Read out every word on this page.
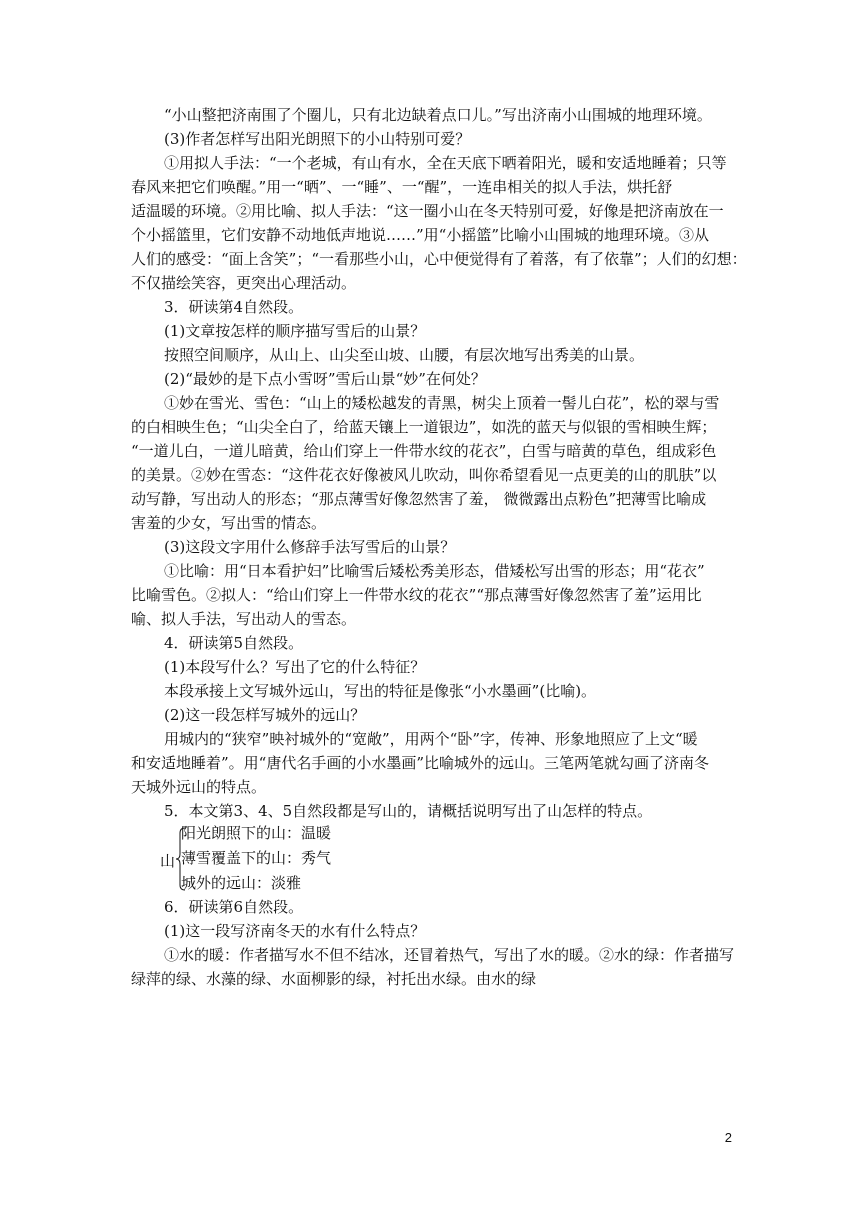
“小山整把济南围了个圈儿，只有北边缺着点口儿。”写出济南小山围城的地理环境。
(3)作者怎样写出阳光朗照下的小山特别可爱？
①用拟人手法：“一个老城，有山有水，全在天底下晒着阳光，暖和安适地睡着；只等
春风来把它们唤醒。”用一“晒”、一“睡”、一“醒”，一连串相关的拟人手法，烘托舒
适温暖的环境。②用比喻、拟人手法：“这一圈小山在冬天特别可爱，好像是把济南放在一
个小摇篮里，它们安静不动地低声地说……”用“小摇篮”比喻小山围城的地理环境。③从
人们的感受：“面上含笑”；“一看那些小山，心中便觉得有了着落，有了依靠”；人们的幻想：
不仅描绘笑容，更突出心理活动。
3．研读第4自然段。
(1)文章按怎样的顺序描写雪后的山景？
按照空间顺序，从山上、山尖至山坡、山腰，有层次地写出秀美的山景。
(2)“最妙的是下点小雪呀”雪后山景“妙”在何处？
①妙在雪光、雪色：“山上的矮松越发的青黑，树尖上顶着一髻儿白花”，松的翠与雪
的白相映生色；“山尖全白了，给蓝天镶上一道银边”，如洗的蓝天与似银的雪相映生辉；
“一道儿白，一道儿暗黄，给山们穿上一件带水纹的花衣”，白雪与暗黄的草色，组成彩色
的美景。②妙在雪态：“这件花衣好像被风儿吹动，叫你希望看见一点更美的山的肌肤”以
动写静，写出动人的形态；“那点薄雪好像忽然害了羞， 微微露出点粉色”把薄雪比喻成
害羞的少女，写出雪的情态。
(3)这段文字用什么修辞手法写雪后的山景？
①比喻：用“日本看护妇”比喻雪后矮松秀美形态，借矮松写出雪的形态；用“花衣”
比喻雪色。②拟人：“给山们穿上一件带水纹的花衣”“那点薄雪好像忽然害了羞”运用比
喻、拟人手法，写出动人的雪态。
4．研读第5自然段。
(1)本段写什么？写出了它的什么特征？
本段承接上文写城外远山，写出的特征是像张“小水墨画”(比喻)。
(2)这一段怎样写城外的远山？
用城内的“狭窄”映衬城外的“宽敞”，用两个“卧”字，传神、形象地照应了上文“暖
和安适地睡着”。用“唐代名手画的小水墨画”比喻城外的远山。三笔两笔就勾画了济南冬
天城外远山的特点。
5．本文第3、4、5自然段都是写山的，请概括说明写出了山怎样的特点。
山
阳光朗照下的山：温暖
薄雪覆盖下的山：秀气
城外的远山：淡雅
6．研读第6自然段。
(1)这一段写济南冬天的水有什么特点？
①水的暖：作者描写水不但不结冰，还冒着热气，写出了水的暖。②水的绿：作者描写
绿萍的绿、水藻的绿、水面柳影的绿，衬托出水绿。由水的绿
2
